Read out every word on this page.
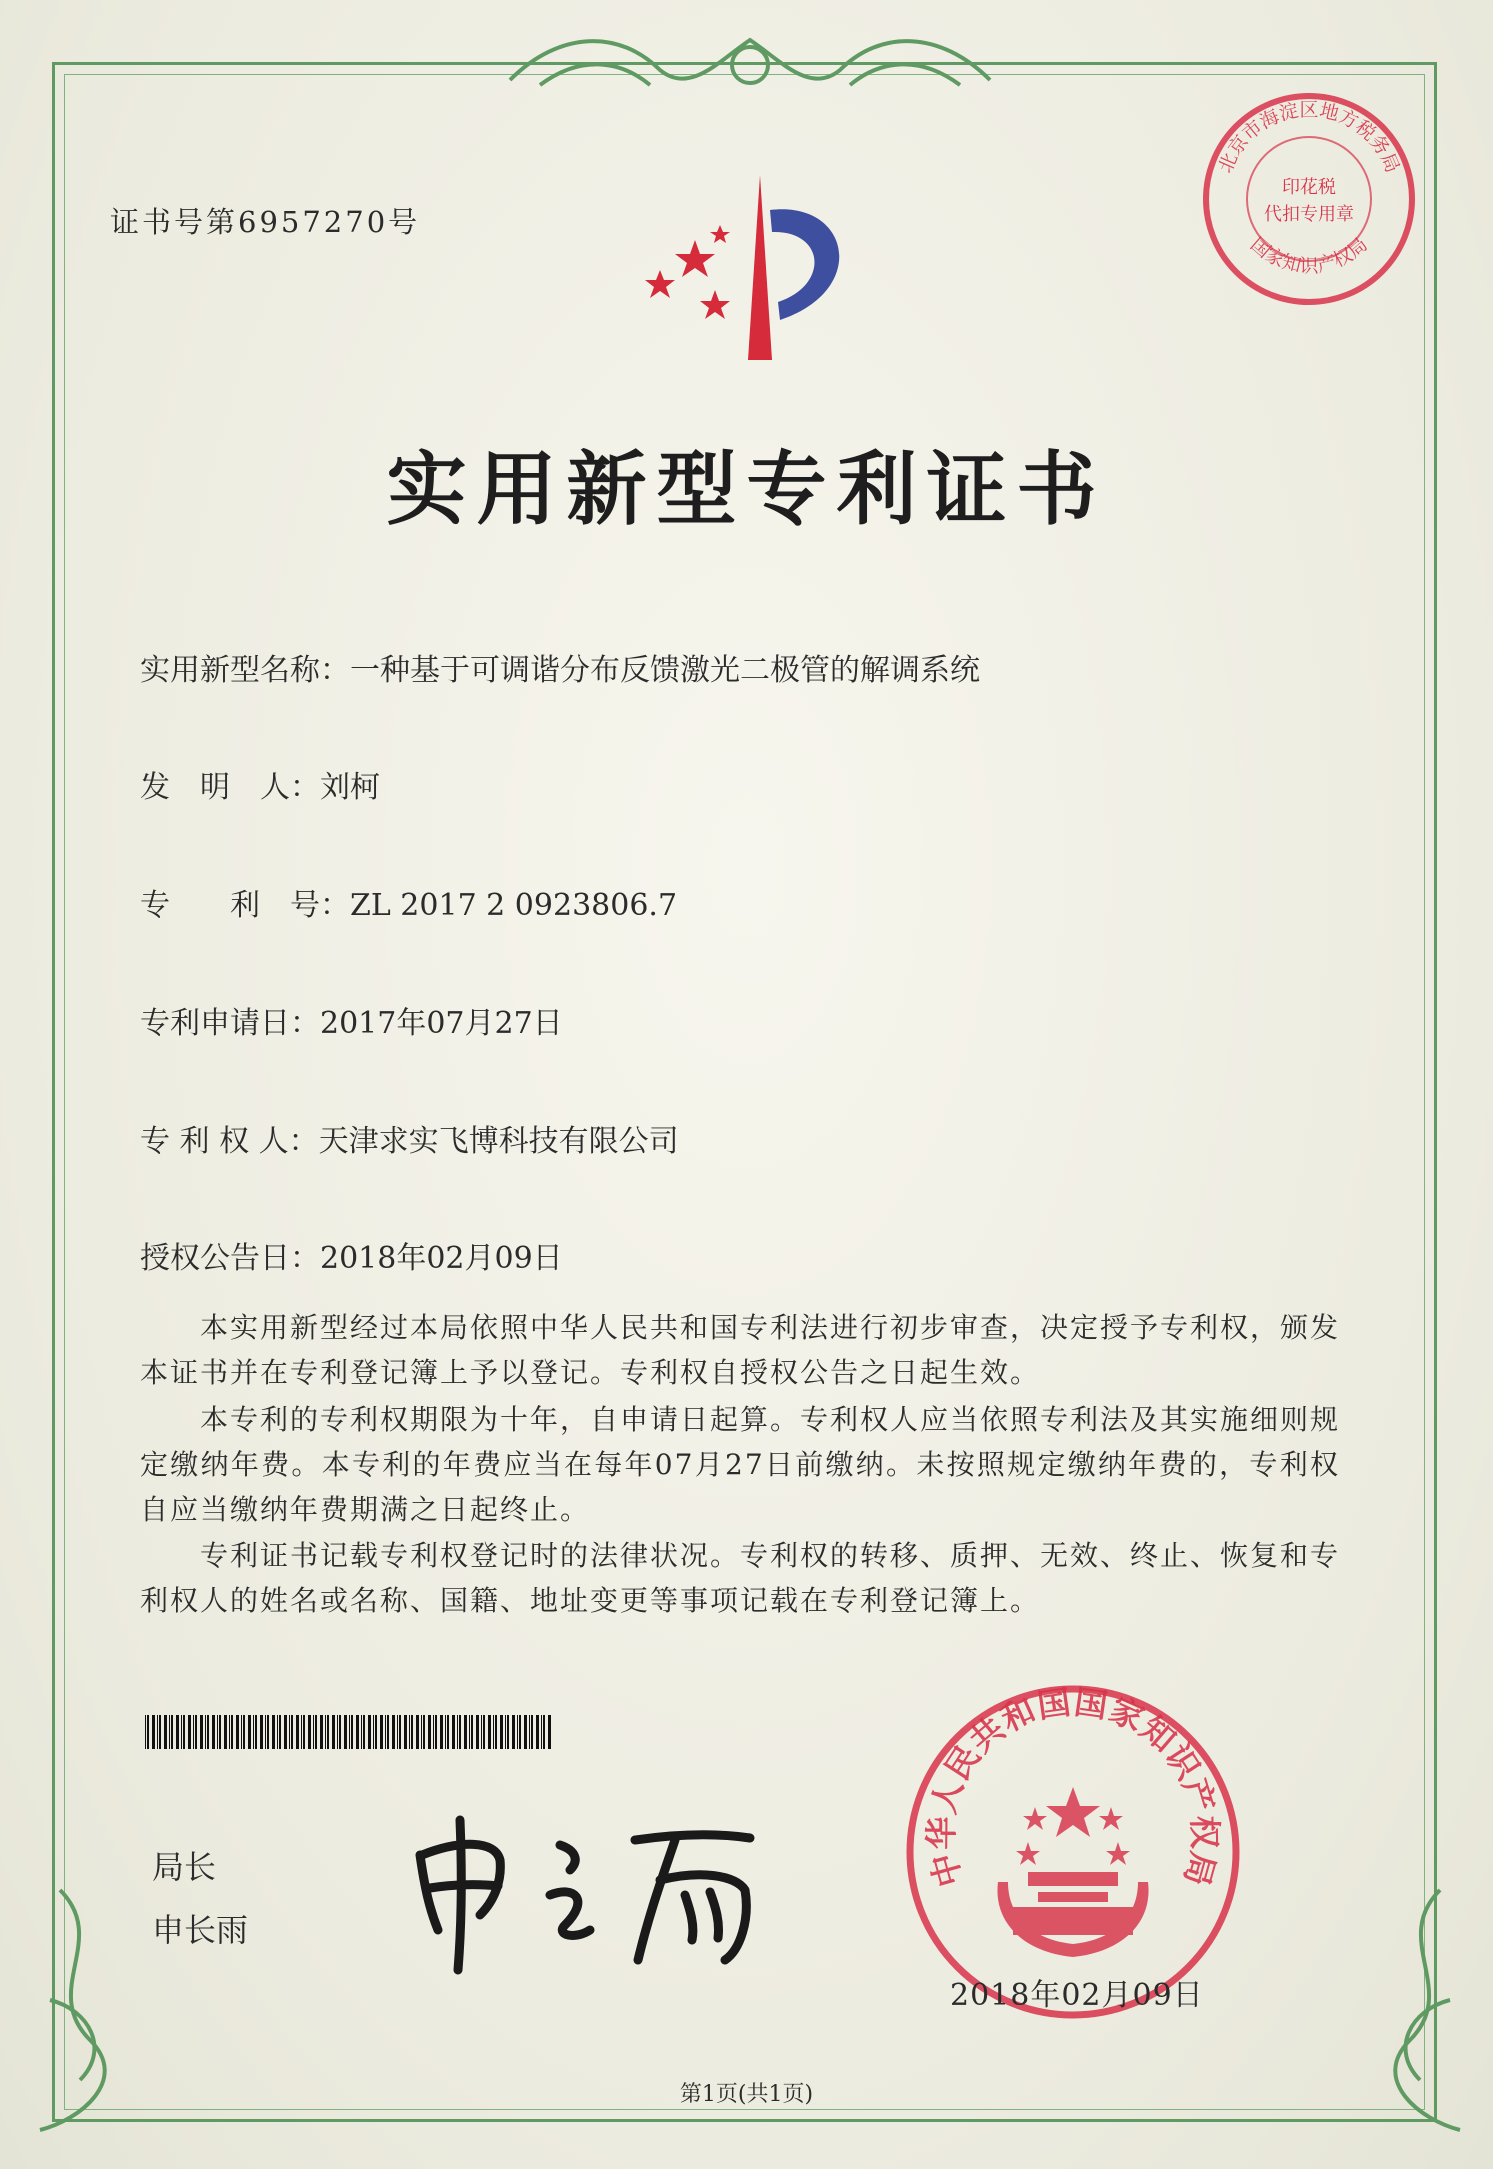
证书号第6957270号
实用新型专利证书
实用新型名称：一种基于可调谐分布反馈激光二极管的解调系统
发　明　人：刘柯
专　　利　号：ZL 2017 2 0923806.7
专利申请日：2017年07月27日
专 利 权 人：天津求实飞博科技有限公司
授权公告日：2018年02月09日
　　本实用新型经过本局依照中华人民共和国专利法进行初步审查，决定授予专利权，颁发本证书并在专利登记簿上予以登记。专利权自授权公告之日起生效。
　　本专利的专利权期限为十年，自申请日起算。专利权人应当依照专利法及其实施细则规定缴纳年费。本专利的年费应当在每年07月27日前缴纳。未按照规定缴纳年费的，专利权自应当缴纳年费期满之日起终止。
　　专利证书记载专利权登记时的法律状况。专利权的转移、质押、无效、终止、恢复和专利权人的姓名或名称、国籍、地址变更等事项记载在专利登记簿上。
局长
申长雨
中华人民共和国国家知识产权局
2018年02月09日
北京市海淀区地方税务局
国家知识产权局
印花税
代扣专用章
第1页(共1页)
